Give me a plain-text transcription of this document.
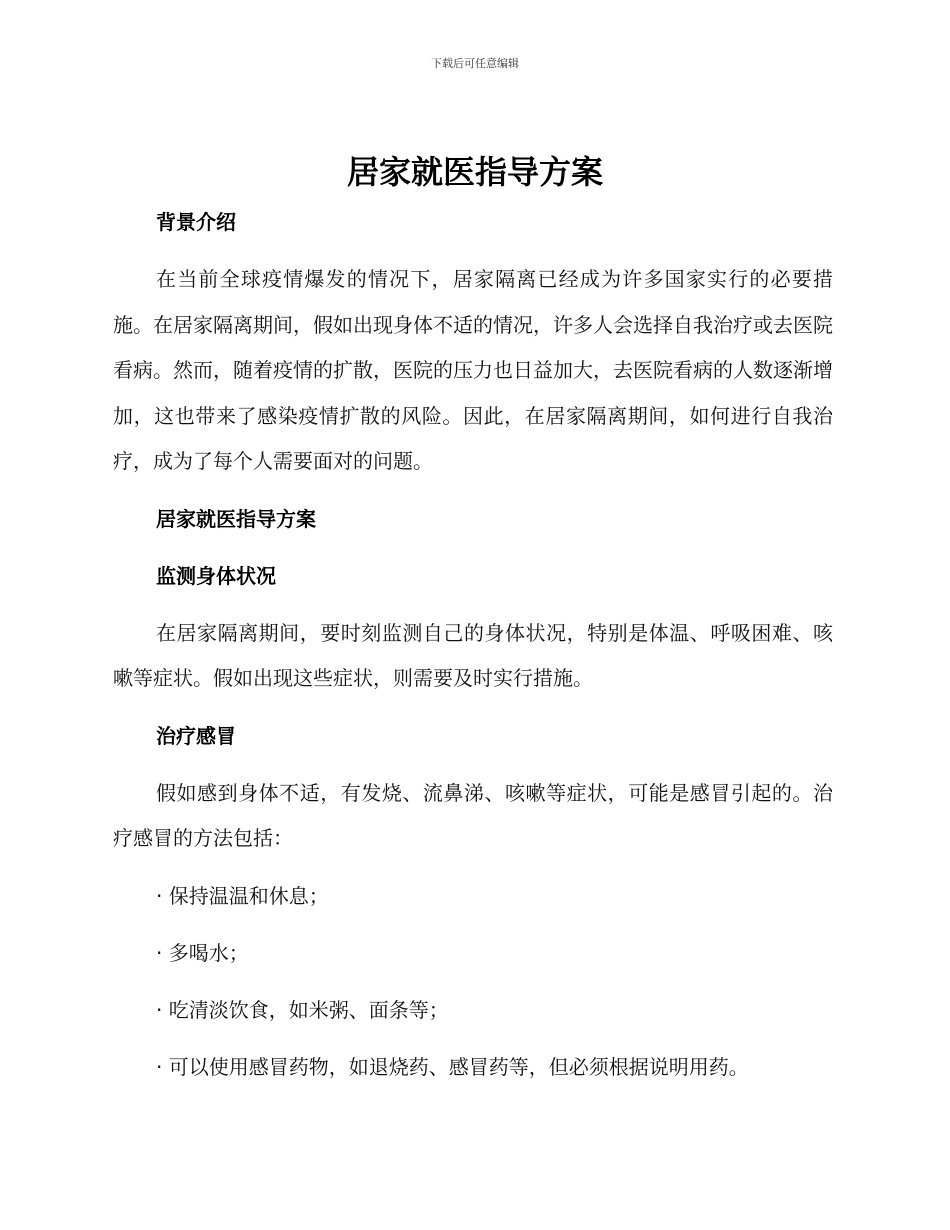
下载后可任意编辑
居家就医指导方案

背景介绍

在当前全球疫情爆发的情况下，居家隔离已经成为许多国家实行的必要措施。在居家隔离期间，假如出现身体不适的情况，许多人会选择自我治疗或去医院看病。然而，随着疫情的扩散，医院的压力也日益加大，去医院看病的人数逐渐增加，这也带来了感染疫情扩散的风险。因此，在居家隔离期间，如何进行自我治疗，成为了每个人需要面对的问题。

居家就医指导方案

监测身体状况

在居家隔离期间，要时刻监测自己的身体状况，特别是体温、呼吸困难、咳嗽等症状。假如出现这些症状，则需要及时实行措施。

治疗感冒

假如感到身体不适，有发烧、流鼻涕、咳嗽等症状，可能是感冒引起的。治疗感冒的方法包括：

· 保持温温和休息；

· 多喝水；

· 吃清淡饮食，如米粥、面条等；

· 可以使用感冒药物，如退烧药、感冒药等，但必须根据说明用药。
